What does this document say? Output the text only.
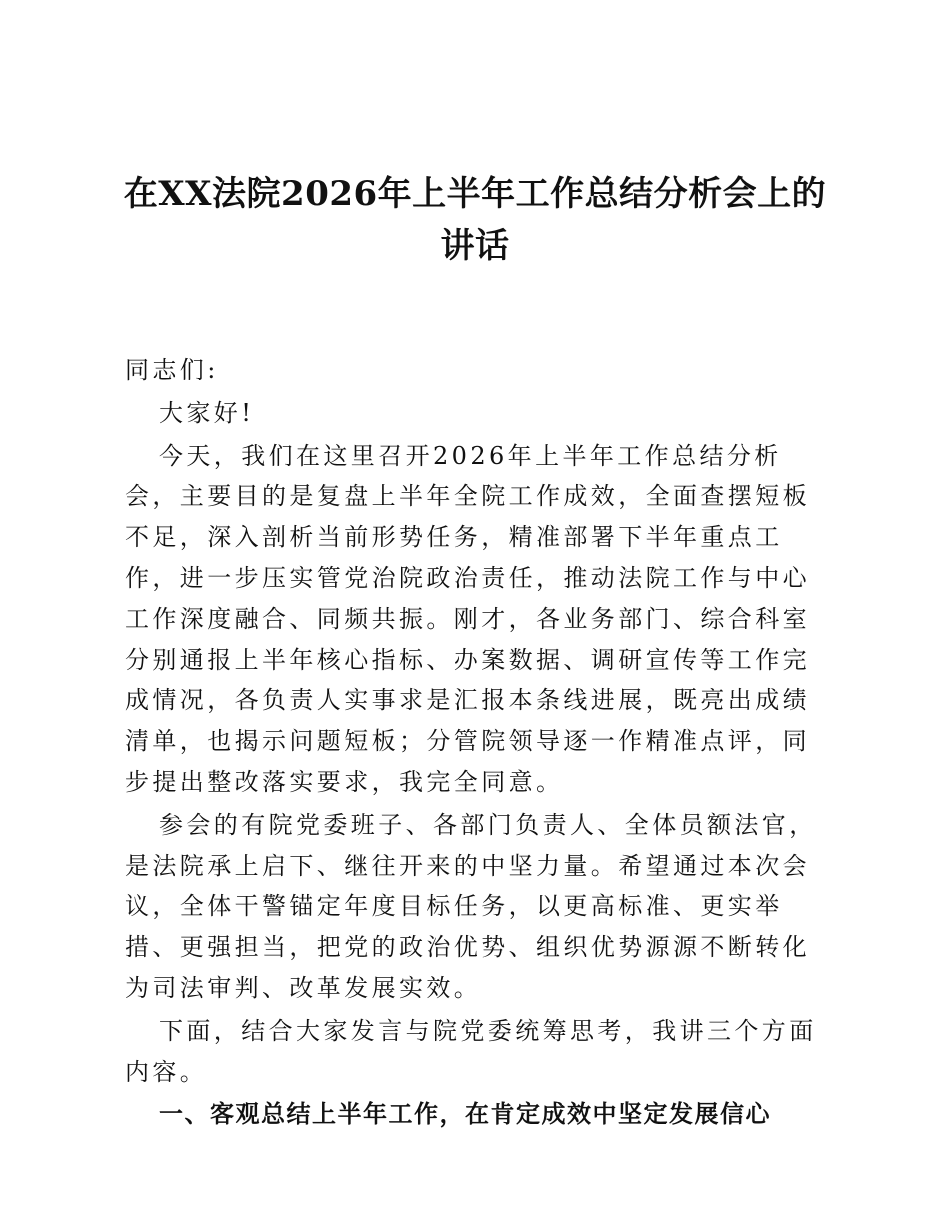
在XX法院2026年上半年工作总结分析会上的讲话

同志们:

大家好!

今天，我们在这里召开2026年上半年工作总结分析会，主要目的是复盘上半年全院工作成效，全面查摆短板不足，深入剖析当前形势任务，精准部署下半年重点工作，进一步压实管党治院政治责任，推动法院工作与中心工作深度融合、同频共振。刚才，各业务部门、综合科室分别通报上半年核心指标、办案数据、调研宣传等工作完成情况，各负责人实事求是汇报本条线进展，既亮出成绩清单，也揭示问题短板；分管院领导逐一作精准点评，同步提出整改落实要求，我完全同意。

参会的有院党委班子、各部门负责人、全体员额法官，是法院承上启下、继往开来的中坚力量。希望通过本次会议，全体干警锚定年度目标任务，以更高标准、更实举措、更强担当，把党的政治优势、组织优势源源不断转化为司法审判、改革发展实效。

下面，结合大家发言与院党委统筹思考，我讲三个方面内容。

一、客观总结上半年工作，在肯定成效中坚定发展信心
